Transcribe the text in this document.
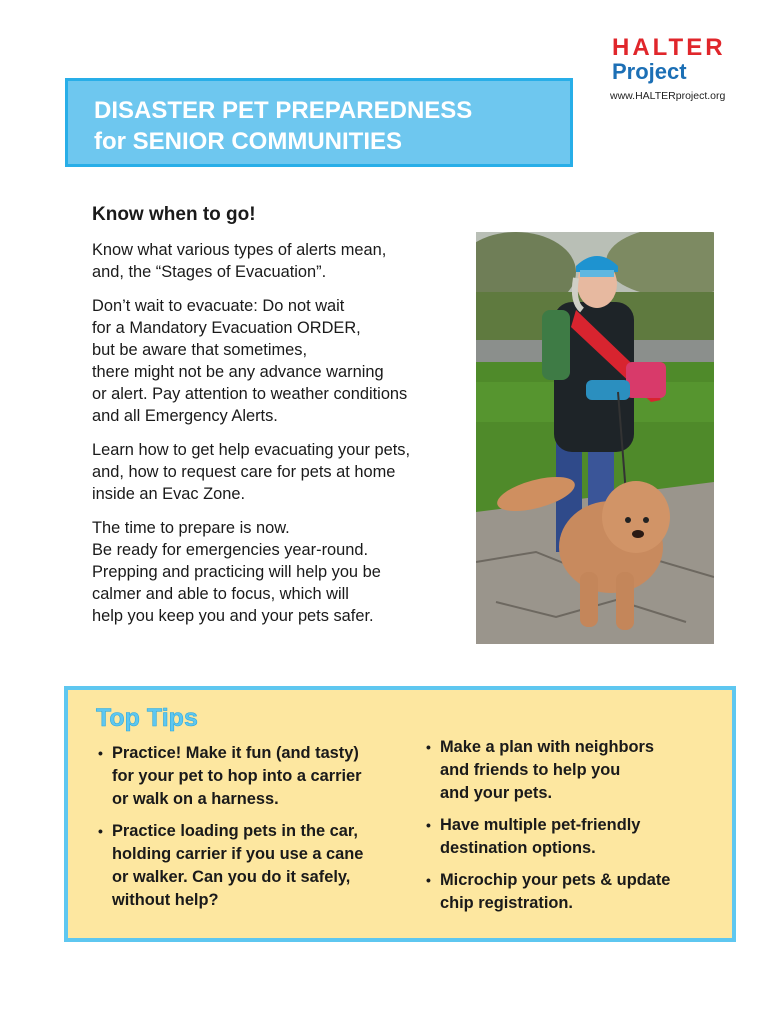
HALTER
Project
www.HALTERproject.org

DISASTER PET PREPAREDNESS

for SENIOR COMMUNITIES

Know when to go!

Know what various types of alerts mean,
and, the “Stages of Evacuation”.

Don’t wait to evacuate: Do not wait
for a Mandatory Evacuation ORDER,
but be aware that sometimes,
there might not be any advance warning
or alert. Pay attention to weather conditions
and all Emergency Alerts.

Learn how to get help evacuating your pets,
and, how to request care for pets at home
inside an Evac Zone.

The time to prepare is now.
Be ready for emergencies year-round.
Prepping and practicing will help you be
calmer and able to focus, which will
help you keep you and your pets safer.

Top Tips
• Practice! Make it fun (and tasty)
for your pet to hop into a carrier
or walk on a harness.
• Practice loading pets in the car,
holding carrier if you use a cane
or walker. Can you do it safely,
without help?
• Make a plan with neighbors
and friends to help you
and your pets.
• Have multiple pet-friendly
destination options.
• Microchip your pets & update
chip registration.
